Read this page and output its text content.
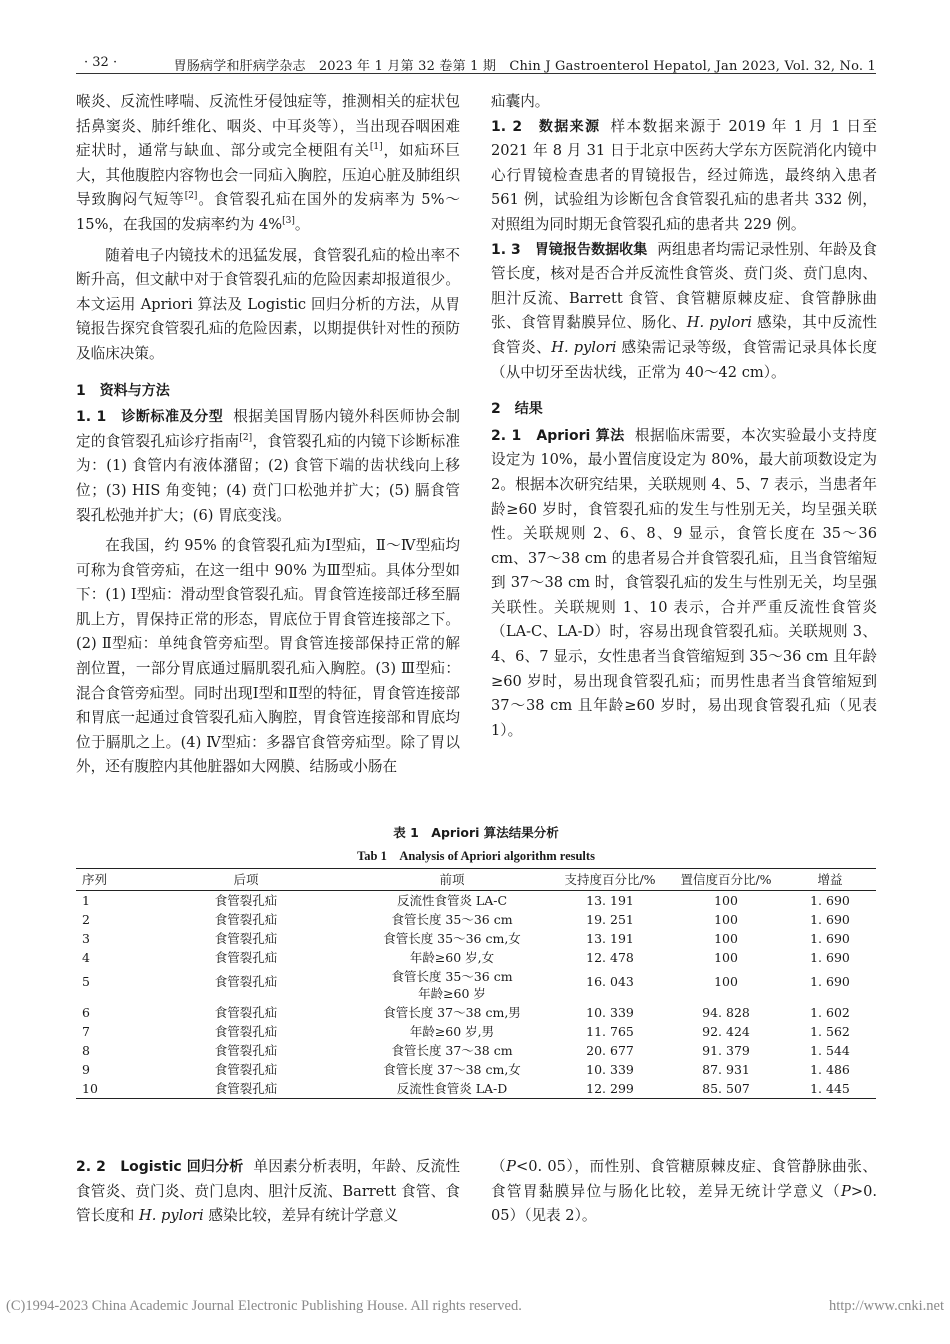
· 32 ·	胃肠病学和肝病学杂志　2023 年 1 月第 32 卷第 1 期　Chin J Gastroenterol Hepatol, Jan 2023, Vol. 32, No. 1

喉炎、反流性哮喘、反流性牙侵蚀症等，推测相关的症状包括鼻窦炎、肺纤维化、咽炎、中耳炎等），当出现吞咽困难症状时，通常与缺血、部分或完全梗阻有关[1]，如疝环巨大，其他腹腔内容物也会一同疝入胸腔，压迫心脏及肺组织导致胸闷气短等[2]。食管裂孔疝在国外的发病率为 5%～15%，在我国的发病率约为 4%[3]。

随着电子内镜技术的迅猛发展，食管裂孔疝的检出率不断升高，但文献中对于食管裂孔疝的危险因素却报道很少。本文运用 Apriori 算法及 Logistic 回归分析的方法，从胃镜报告探究食管裂孔疝的危险因素，以期提供针对性的预防及临床决策。

1　资料与方法

1. 1　诊断标准及分型 根据美国胃肠内镜外科医师协会制定的食管裂孔疝诊疗指南[2]，食管裂孔疝的内镜下诊断标准为：(1) 食管内有液体潴留；(2) 食管下端的齿状线向上移位；(3) HIS 角变钝；(4) 贲门口松弛并扩大；(5) 膈食管裂孔松弛并扩大；(6) 胃底变浅。

在我国，约 95% 的食管裂孔疝为Ⅰ型疝，Ⅱ～Ⅳ型疝均可称为食管旁疝，在这一组中 90% 为Ⅲ型疝。具体分型如下：(1) Ⅰ型疝：滑动型食管裂孔疝。胃食管连接部迁移至膈肌上方，胃保持正常的形态，胃底位于胃食管连接部之下。(2) Ⅱ型疝：单纯食管旁疝型。胃食管连接部保持正常的解剖位置，一部分胃底通过膈肌裂孔疝入胸腔。(3) Ⅲ型疝：混合食管旁疝型。同时出现Ⅰ型和Ⅱ型的特征，胃食管连接部和胃底一起通过食管裂孔疝入胸腔，胃食管连接部和胃底均位于膈肌之上。(4) Ⅳ型疝：多器官食管旁疝型。除了胃以外，还有腹腔内其他脏器如大网膜、结肠或小肠在

疝囊内。

1. 2　数据来源 样本数据来源于 2019 年 1 月 1 日至 2021 年 8 月 31 日于北京中医药大学东方医院消化内镜中心行胃镜检查患者的胃镜报告，经过筛选，最终纳入患者 561 例，试验组为诊断包含食管裂孔疝的患者共 332 例，对照组为同时期无食管裂孔疝的患者共 229 例。

1. 3　胃镜报告数据收集 两组患者均需记录性别、年龄及食管长度，核对是否合并反流性食管炎、贲门炎、贲门息肉、胆汁反流、Barrett 食管、食管糖原棘皮症、食管静脉曲张、食管胃黏膜异位、肠化、H. pylori 感染，其中反流性食管炎、H. pylori 感染需记录等级，食管需记录具体长度（从中切牙至齿状线，正常为 40～42 cm）。

2　结果

2. 1　Apriori 算法 根据临床需要，本次实验最小支持度设定为 10%，最小置信度设定为 80%，最大前项数设定为 2。根据本次研究结果，关联规则 4、5、7 表示，当患者年龄≥60 岁时，食管裂孔疝的发生与性别无关，均呈强关联性。关联规则 2、6、8、9 显示，食管长度在 35～36 cm、37～38 cm 的患者易合并食管裂孔疝，且当食管缩短到 37～38 cm 时，食管裂孔疝的发生与性别无关，均呈强关联性。关联规则 1、10 表示，合并严重反流性食管炎（LA-C、LA-D）时，容易出现食管裂孔疝。关联规则 3、4、6、7 显示，女性患者当食管缩短到 35～36 cm 且年龄≥60 岁时，易出现食管裂孔疝；而男性患者当食管缩短到 37～38 cm 且年龄≥60 岁时，易出现食管裂孔疝（见表 1）。

表 1　Apriori 算法结果分析
Tab 1　Analysis of Apriori algorithm results
序列	后项	前项	支持度百分比/%	置信度百分比/%	增益
1	食管裂孔疝	反流性食管炎 LA-C	13. 191	100	1. 690
2	食管裂孔疝	食管长度 35～36 cm	19. 251	100	1. 690
3	食管裂孔疝	食管长度 35～36 cm,女	13. 191	100	1. 690
4	食管裂孔疝	年龄≥60 岁,女	12. 478	100	1. 690
5	食管裂孔疝	食管长度 35～36 cm
年龄≥60 岁	16. 043	100	1. 690
6	食管裂孔疝	食管长度 37～38 cm,男	10. 339	94. 828	1. 602
7	食管裂孔疝	年龄≥60 岁,男	11. 765	92. 424	1. 562
8	食管裂孔疝	食管长度 37～38 cm	20. 677	91. 379	1. 544
9	食管裂孔疝	食管长度 37～38 cm,女	10. 339	87. 931	1. 486
10	食管裂孔疝	反流性食管炎 LA-D	12. 299	85. 507	1. 445

2. 2　Logistic 回归分析 单因素分析表明，年龄、反流性食管炎、贲门炎、贲门息肉、胆汁反流、Barrett 食管、食管长度和 H. pylori 感染比较，差异有统计学意义

（P<0. 05），而性别、食管糖原棘皮症、食管静脉曲张、食管胃黏膜异位与肠化比较，差异无统计学意义（P>0. 05）（见表 2）。

(C)1994-2023 China Academic Journal Electronic Publishing House. All rights reserved.	http://www.cnki.net
